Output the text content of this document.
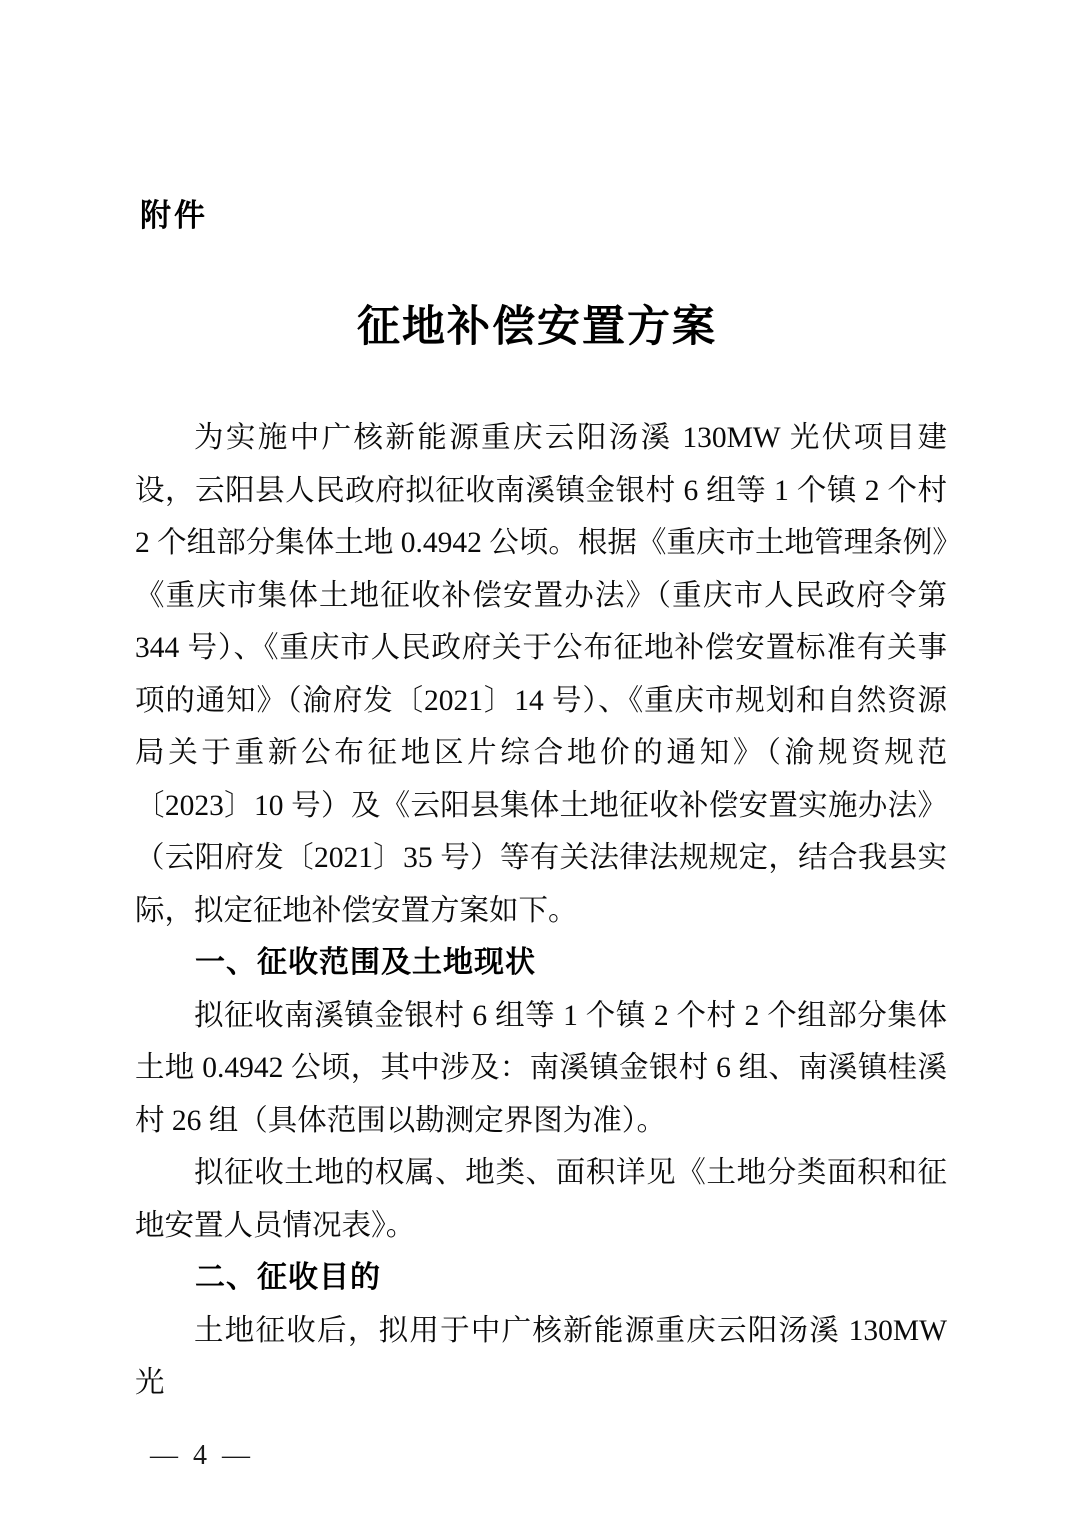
附件
征地补偿安置方案

为实施中广核新能源重庆云阳汤溪 130MW 光伏项目建设，云阳县人民政府拟征收南溪镇金银村 6 组等 1 个镇 2 个村 2 个组部分集体土地 0.4942 公顷。根据《重庆市土地管理条例》《重庆市集体土地征收补偿安置办法》（重庆市人民政府令第 344 号）、《重庆市人民政府关于公布征地补偿安置标准有关事项的通知》（渝府发〔2021〕14 号）、《重庆市规划和自然资源局关于重新公布征地区片综合地价的通知》（渝规资规范〔2023〕10 号）及《云阳县集体土地征收补偿安置实施办法》（云阳府发〔2021〕35 号）等有关法律法规规定，结合我县实际，拟定征地补偿安置方案如下。

一、征收范围及土地现状

拟征收南溪镇金银村 6 组等 1 个镇 2 个村 2 个组部分集体土地 0.4942 公顷，其中涉及：南溪镇金银村 6 组、南溪镇桂溪村 26 组（具体范围以勘测定界图为准）。

拟征收土地的权属、地类、面积详见《土地分类面积和征地安置人员情况表》。

二、征收目的

土地征收后，拟用于中广核新能源重庆云阳汤溪 130MW 光

— 4 —
